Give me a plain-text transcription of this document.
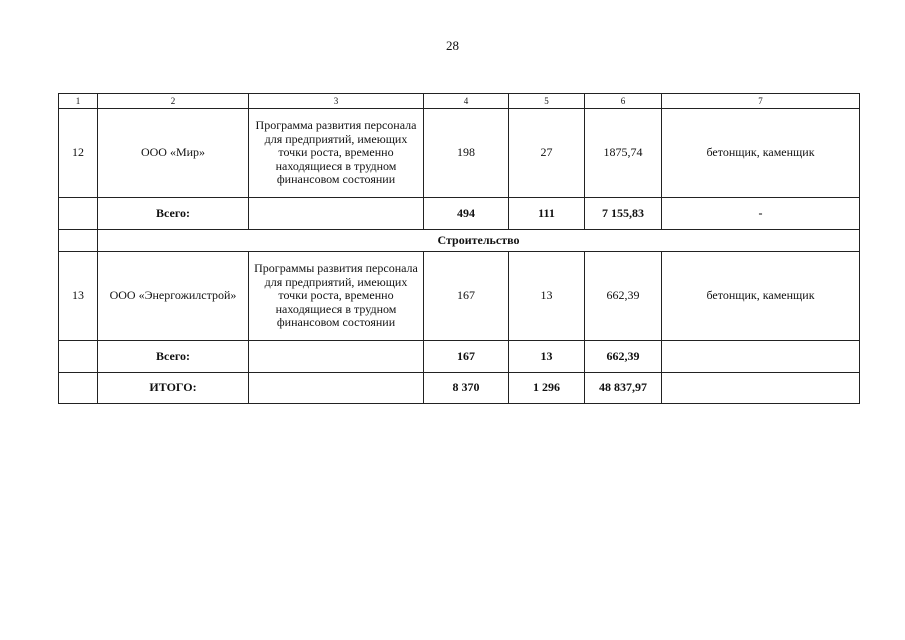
28
1	2	3	4	5	6	7
12	ООО «Мир»	Программа развития персонала для предприятий, имеющих точки роста, временно находящиеся в трудном финансовом состоянии	198	27	1875,74	бетонщик, каменщик
	Всего:		494	111	7 155,83	-
	Строительство					
13	ООО «Энергожилстрой»	Программы развития персонала для предприятий, имеющих точки роста, временно находящиеся в трудном финансовом состоянии	167	13	662,39	бетонщик, каменщик
	Всего:		167	13	662,39	
	ИТОГО:		8 370	1 296	48 837,97	
